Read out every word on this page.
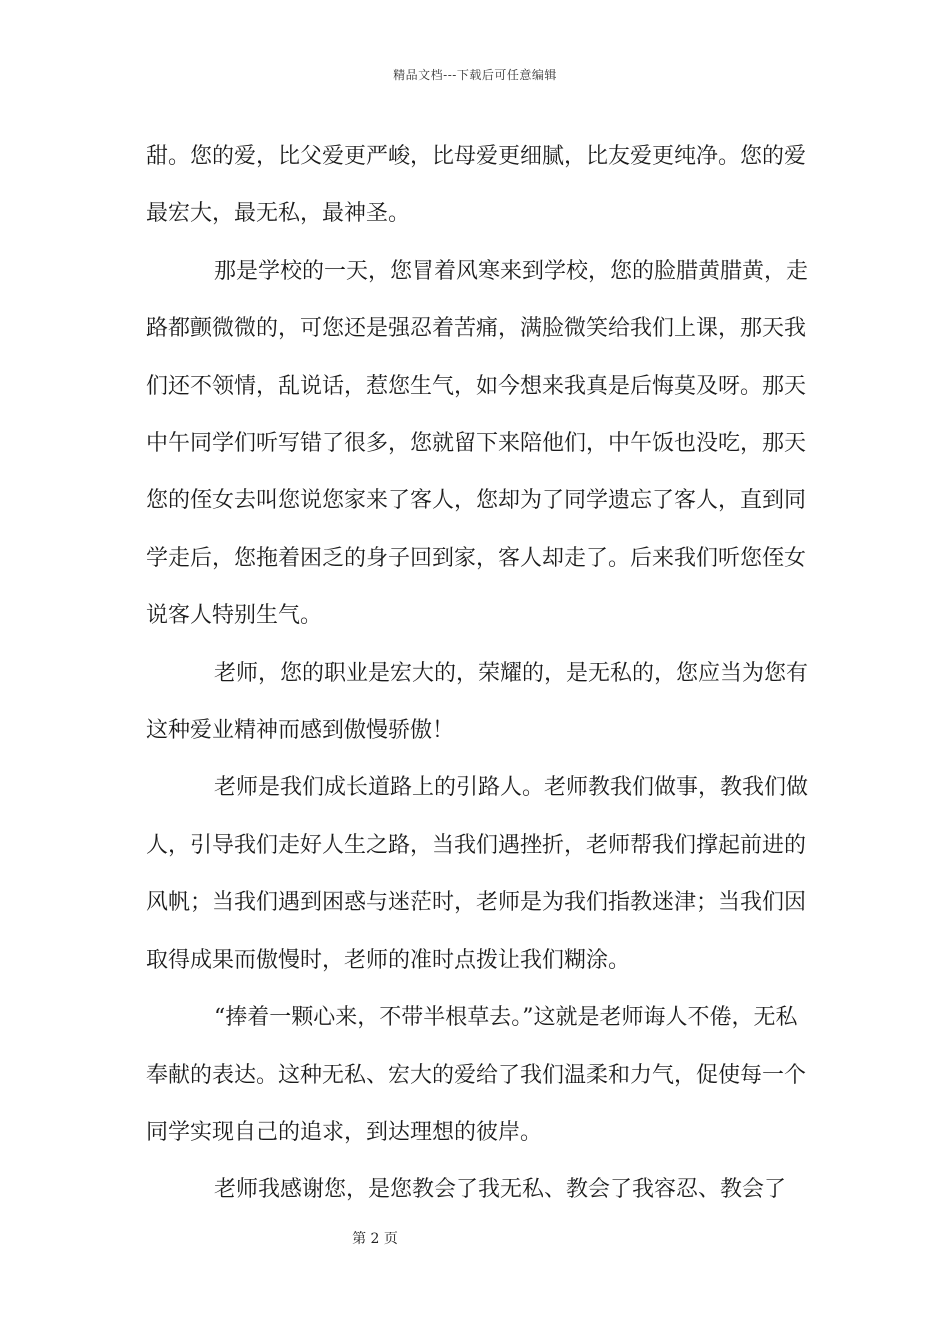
精品文档---下载后可任意编辑

甜。您的爱，比父爱更严峻，比母爱更细腻，比友爱更纯净。您的爱最宏大，最无私，最神圣。

那是学校的一天，您冒着风寒来到学校，您的脸腊黄腊黄，走路都颤微微的，可您还是强忍着苦痛，满脸微笑给我们上课，那天我们还不领情，乱说话，惹您生气，如今想来我真是后悔莫及呀。那天中午同学们听写错了很多，您就留下来陪他们，中午饭也没吃，那天您的侄女去叫您说您家来了客人，您却为了同学遗忘了客人，直到同学走后，您拖着困乏的身子回到家，客人却走了。后来我们听您侄女说客人特别生气。

老师，您的职业是宏大的，荣耀的，是无私的，您应当为您有这种爱业精神而感到傲慢骄傲！

老师是我们成长道路上的引路人。老师教我们做事，教我们做人，引导我们走好人生之路，当我们遇挫折，老师帮我们撑起前进的风帆；当我们遇到困惑与迷茫时，老师是为我们指教迷津；当我们因取得成果而傲慢时，老师的准时点拨让我们糊涂。

“捧着一颗心来，不带半根草去。”这就是老师诲人不倦，无私奉献的表达。这种无私、宏大的爱给了我们温柔和力气，促使每一个同学实现自己的追求，到达理想的彼岸。

老师我感谢您，是您教会了我无私、教会了我容忍、教会了

第 2 页
